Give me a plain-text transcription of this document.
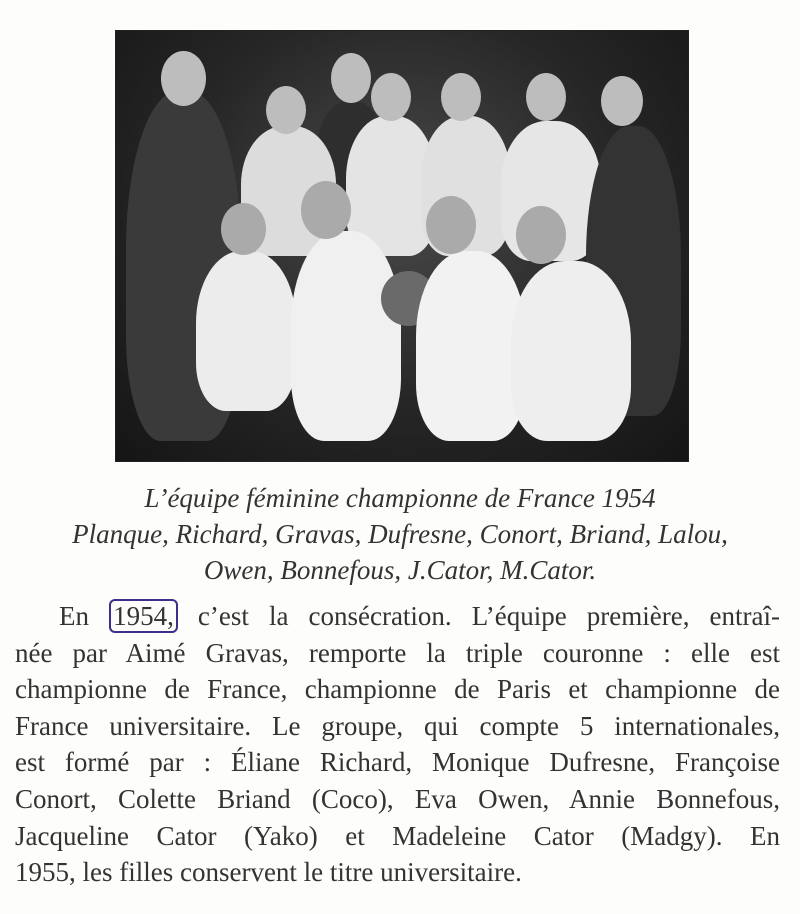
L’équipe féminine championne de France 1954
Planque, Richard, Gravas, Dufresne, Conort, Briand, Lalou,
Owen, Bonnefous, J.Cator, M.Cator.
En 1954, c’est la consécration. L’équipe première, entraî-
née par Aimé Gravas, remporte la triple couronne : elle est
championne de France, championne de Paris et championne de
France universitaire. Le groupe, qui compte 5 internationales,
est formé par : Éliane Richard, Monique Dufresne, Françoise
Conort, Colette Briand (Coco), Eva Owen, Annie Bonnefous,
Jacqueline Cator (Yako) et Madeleine Cator (Madgy). En
1955, les filles conservent le titre universitaire.
